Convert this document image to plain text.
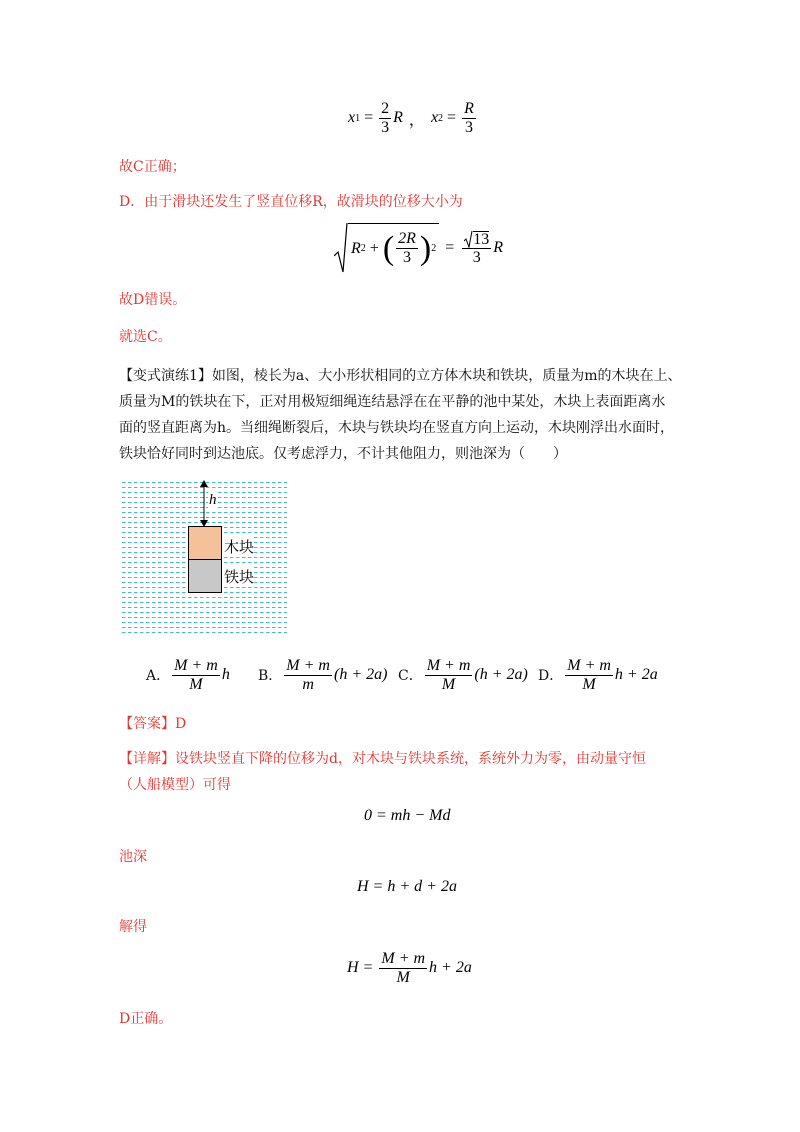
x $1 = \frac{2}{3}$ R ， x $2 = \frac{R}{3}$
故C正确；
D．由于滑块还发生了竖直位移R，故滑块的位移大小为
R 2 + ( $\frac{2R}{3}$ ) $2 = \frac{13}{3}$ R
故D错误。
就选C。
【变式演练1】如图，棱长为a、大小形状相同的立方体木块和铁块，质量为m的木块在上、
质量为M的铁块在下，正对用极短细绳连结悬浮在在平静的池中某处，木块上表面距离水
面的竖直距离为h。当细绳断裂后，木块与铁块均在竖直方向上运动，木块刚浮出水面时，
铁块恰好同时到达池底。仅考虑浮力，不计其他阻力，则池深为（　　）
h
木块
铁块
A． $\frac{M + m}{M}$ h B． $\frac{M + m}{m} (h + 2a)$ C． $\frac{M + m}{M} (h + 2a)$ D． $\frac{M + m}{M}$ h + 2a
【答案】D
【详解】设铁块竖直下降的位移为d，对木块与铁块系统，系统外力为零，由动量守恒
（人船模型）可得
0 = mh − Md
池深
H = h + d + 2a
解得
$H = \frac{M + m}{M}$ h + 2a
D正确。
